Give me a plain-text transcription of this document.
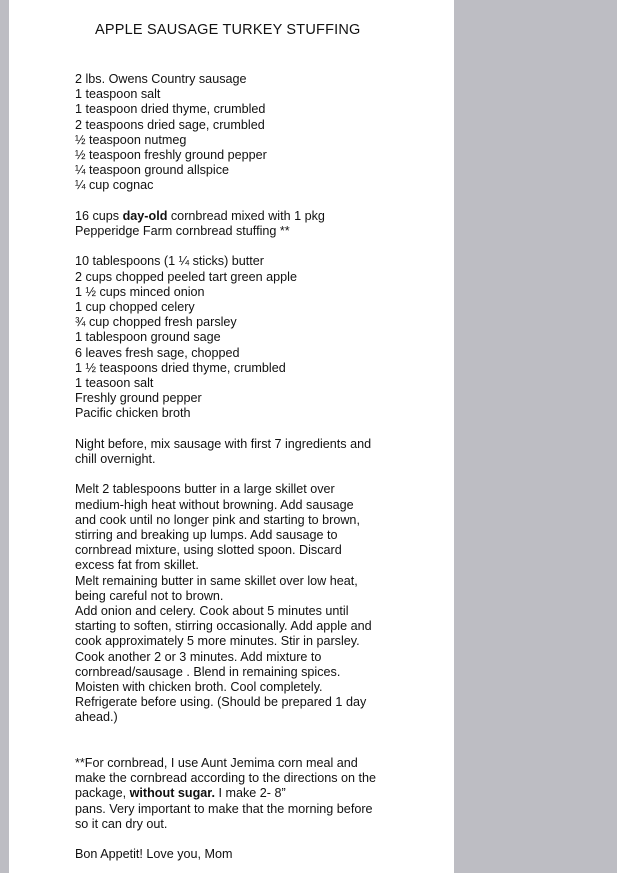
APPLE SAUSAGE TURKEY STUFFING
2 lbs. Owens Country sausage
1 teaspoon salt
1 teaspoon dried thyme, crumbled
2 teaspoons dried sage, crumbled
½ teaspoon nutmeg
½ teaspoon freshly ground pepper
¼ teaspoon ground allspice
¼ cup cognac
16 cups day-old cornbread mixed with 1 pkg
Pepperidge Farm cornbread stuffing **
10 tablespoons (1 ¼ sticks) butter
2 cups chopped peeled tart green apple
1 ½ cups minced onion
1 cup chopped celery
¾ cup chopped fresh parsley
1 tablespoon ground sage
6 leaves fresh sage, chopped
1 ½ teaspoons dried thyme, crumbled
1 teasoon salt
Freshly ground pepper
Pacific chicken broth
Night before, mix sausage with first 7 ingredients and
chill overnight.
Melt 2 tablespoons butter in a large skillet over
medium-high heat without browning. Add sausage
and cook until no longer pink and starting to brown,
stirring and breaking up lumps. Add sausage to
cornbread mixture, using slotted spoon. Discard
excess fat from skillet.
Melt remaining butter in same skillet over low heat,
being careful not to brown.
Add onion and celery. Cook about 5 minutes until
starting to soften, stirring occasionally. Add apple and
cook approximately 5 more minutes. Stir in parsley.
Cook another 2 or 3 minutes. Add mixture to
cornbread/sausage . Blend in remaining spices.
Moisten with chicken broth. Cool completely.
Refrigerate before using. (Should be prepared 1 day
ahead.)
**For cornbread, I use Aunt Jemima corn meal and
make the cornbread according to the directions on the
package, without sugar. I make 2- 8”
pans. Very important to make that the morning before
so it can dry out.
Bon Appetit! Love you, Mom
